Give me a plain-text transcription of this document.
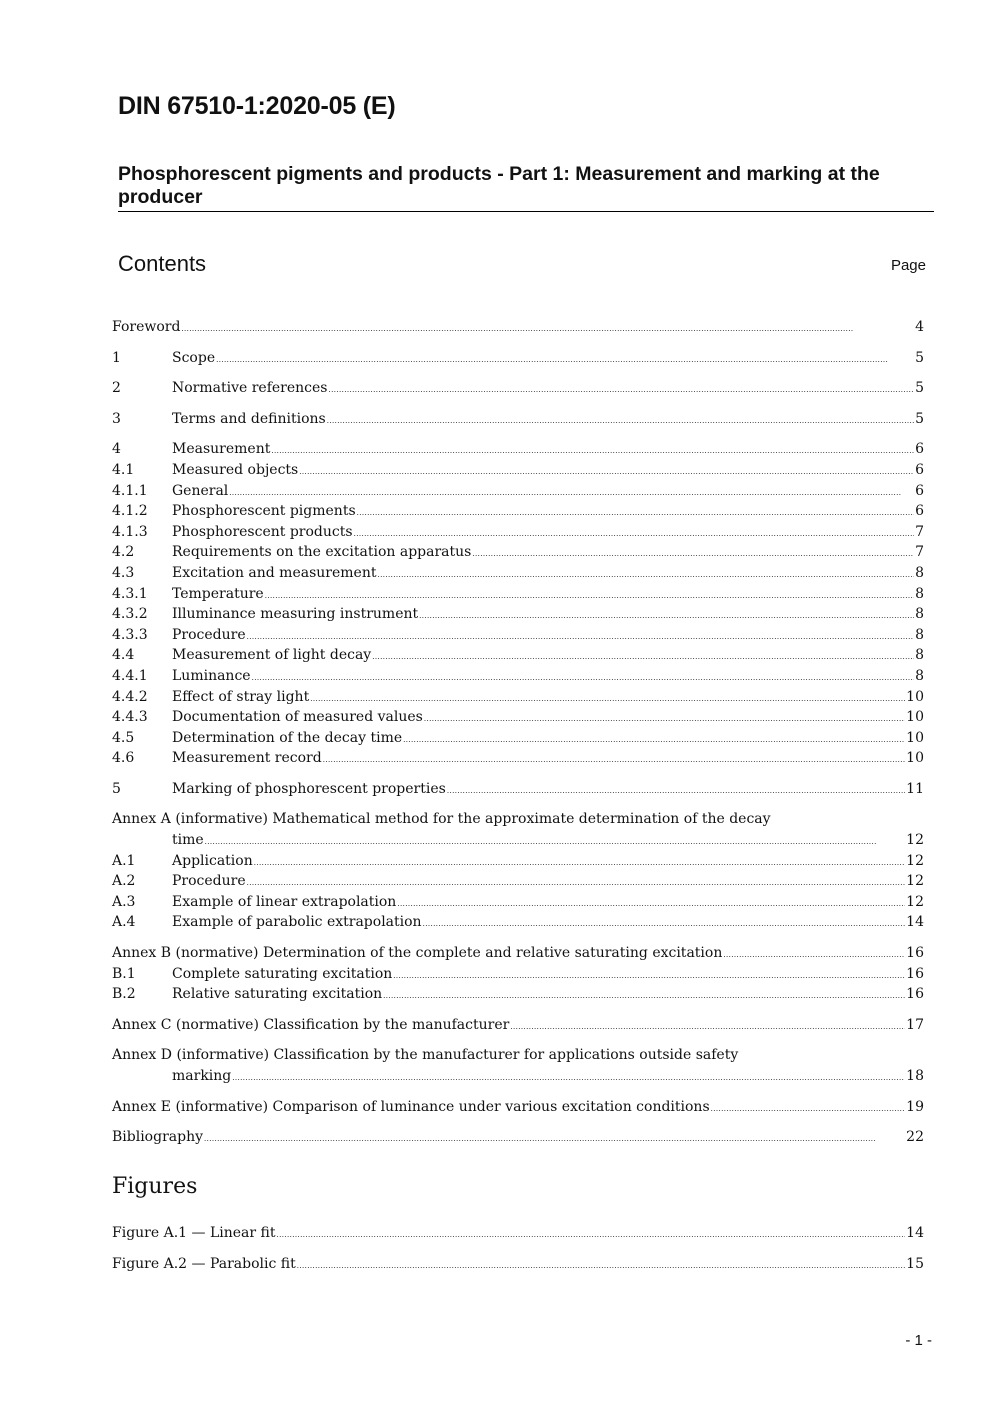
DIN 67510-1:2020-05 (E)
Phosphorescent pigments and products - Part 1: Measurement and marking at the producer
Contents	Page
Foreword .....	4
1	Scope .....	5
2	Normative references .....	5
3	Terms and definitions .....	5
4	Measurement .....	6
4.1	Measured objects .....	6
4.1.1	General .....	6
4.1.2	Phosphorescent pigments .....	6
4.1.3	Phosphorescent products .....	7
4.2	Requirements on the excitation apparatus .....	7
4.3	Excitation and measurement .....	8
4.3.1	Temperature .....	8
4.3.2	Illuminance measuring instrument .....	8
4.3.3	Procedure .....	8
4.4	Measurement of light decay .....	8
4.4.1	Luminance .....	8
4.4.2	Effect of stray light .....	10
4.4.3	Documentation of measured values .....	10
4.5	Determination of the decay time .....	10
4.6	Measurement record .....	10
5	Marking of phosphorescent properties .....	11
Annex A (informative) Mathematical method for the approximate determination of the decay
time .....	12
A.1	Application .....	12
A.2	Procedure .....	12
A.3	Example of linear extrapolation .....	12
A.4	Example of parabolic extrapolation .....	14
Annex B (normative) Determination of the complete and relative saturating excitation .....	16
B.1	Complete saturating excitation .....	16
B.2	Relative saturating excitation .....	16
Annex C (normative) Classification by the manufacturer .....	17
Annex D (informative) Classification by the manufacturer for applications outside safety
marking .....	18
Annex E (informative) Comparison of luminance under various excitation conditions .....	19
Bibliography .....	22
Figures
Figure A.1 — Linear fit .....	14
Figure A.2 — Parabolic fit .....	15
- 1 -
